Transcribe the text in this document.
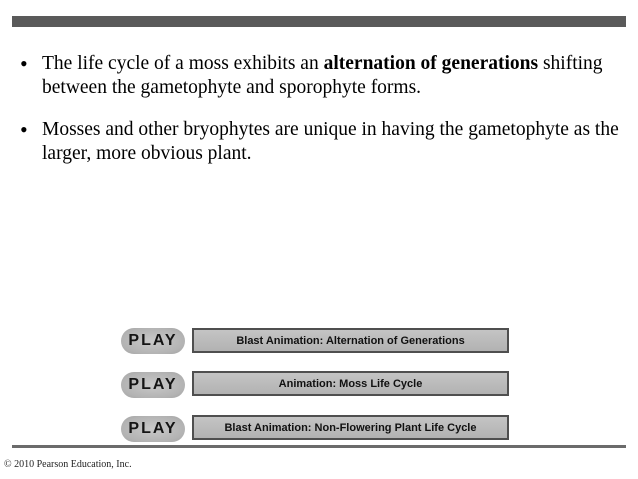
• The life cycle of a moss exhibits an alternation of generations shifting between the gametophyte and sporophyte forms.
• Mosses and other bryophytes are unique in having the gametophyte as the larger, more obvious plant.
PLAY	Blast Animation: Alternation of Generations
PLAY	Animation: Moss Life Cycle
PLAY	Blast Animation: Non-Flowering Plant Life Cycle
© 2010 Pearson Education, Inc.
